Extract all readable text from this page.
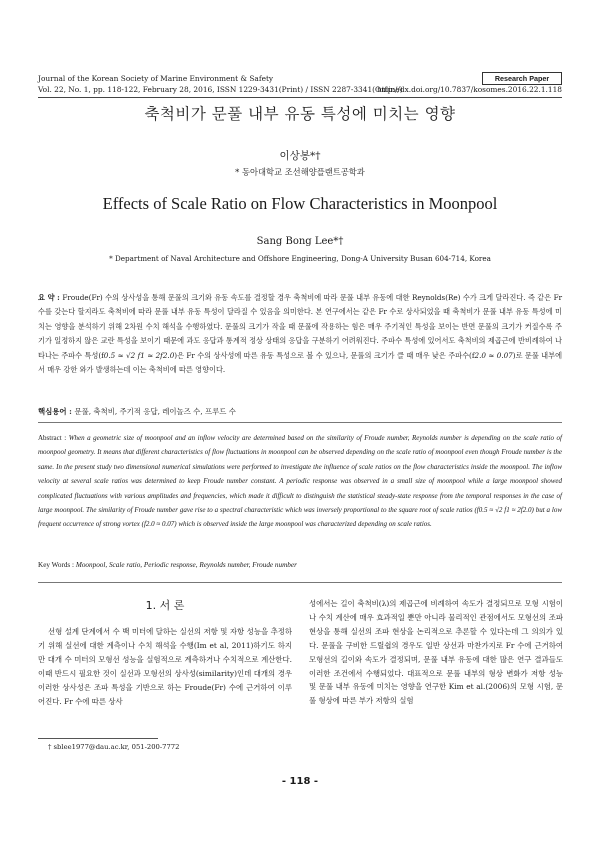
Journal of the Korean Society of Marine Environment & Safety	Research Paper
Vol. 22, No. 1, pp. 118-122, February 28, 2016, ISSN 1229-3431(Print) / ISSN 2287-3341(Online)
http://dx.doi.org/10.7837/kosomes.2016.22.1.118
축척비가 문풀 내부 유동 특성에 미치는 영향
이상봉*†
* 동아대학교 조선해양플랜트공학과
Effects of Scale Ratio on Flow Characteristics in Moonpool
Sang Bong Lee*†
* Department of Naval Architecture and Offshore Engineering, Dong-A University Busan 604-714, Korea
요 약 : Froude(Fr) 수의 상사성을 통해 문풀의 크기와 유동 속도를 결정할 경우 축척비에 따라 문풀 내부 유동에 대한 Reynolds(Re) 수가 크게 달라진다. 즉 같은 Fr 수를 갖는다 할지라도 축척비에 따라 문풀 내부 유동 특성이 달라질 수 있음을 의미한다. 본 연구에서는 같은 Fr 수로 상사되었을 때 축척비가 문풀 내부 유동 특성에 미치는 영향을 분석하기 위해 2차원 수치 해석을 수행하였다. 문풀의 크기가 작을 때 문풀에 작용하는 힘은 매우 주기적인 특성을 보이는 반면 문풀의 크기가 커질수록 주기가 일정하지 않은 교란 특성을 보이기 때문에 과도 응답과 통계적 정상 상태의 응답을 구분하기 어려워진다. 주파수 특성에 있어서도 축척비의 제곱근에 반비례하여 나타나는 주파수 특성(f0.5 ≈ √2 f1 ≈ 2f2.0)은 Fr 수의 상사성에 따른 유동 특성으로 볼 수 있으나, 문풀의 크기가 클 때 매우 낮은 주파수(f2.0 ≈ 0.07)로 문풀 내부에서 매우 강한 와가 발생하는데 이는 축척비에 따른 영향이다.
핵심용어 : 문풀, 축척비, 주기적 응답, 레이놀즈 수, 프루드 수
Abstract : When a geometric size of moonpool and an inflow velocity are determined based on the similarity of Froude number, Reynolds number is depending on the scale ratio of moonpool geometry. It means that different characteristics of flow fluctuations in moonpool can be observed depending on the scale ratio of moonpool even though Froude number is the same. In the present study two dimensional numerical simulations were performed to investigate the influence of scale ratios on the flow characteristics inside the moonpool. The inflow velocity at several scale ratios was determined to keep Froude number constant. A periodic response was observed in a small size of moonpool while a large moonpool showed complicated fluctuations with various amplitudes and frequencies, which made it difficult to distinguish the statistical steady-state response from the temporal responses in the case of large moonpool. The similarity of Froude number gave rise to a spectral characteristic which was inversely proportional to the square root of scale ratios (f0.5 ≈ √2 f1 ≈ 2f2.0) but a low frequent occurrence of strong vortex (f2.0 ≈ 0.07) which is observed inside the large moonpool was characterized depending on scale ratios.
Key Words : Moonpool, Scale ratio, Periodic response, Reynolds number, Froude number
1. 서 론
선형 설계 단계에서 수 백 미터에 달하는 실선의 저항 및 자항 성능을 추정하기 위해 실선에 대한 계측이나 수치 해석을 수행(Im et al, 2011)하기도 하지만 대개 수 미터의 모형선 성능을 실험적으로 계측하거나 수치적으로 계산한다. 이때 반드시 필요한 것이 실선과 모형선의 상사성(similarity)인데 대개의 경우 이러한 상사성은 조파 특성을 기반으로 하는 Froude(Fr) 수에 근거하여 이루어진다. Fr 수에 따른 상사
성에서는 길이 축척비(λ)의 제곱근에 비례하여 속도가 결정되므로 모형 시험이나 수치 계산에 매우 효과적일 뿐만 아니라 물리적인 관점에서도 모형선의 조파 현상을 통해 실선의 조파 현상을 논리적으로 추론할 수 있다는데 그 의의가 있다. 문풀을 구비한 드릴쉽의 경우도 일반 상선과 마찬가지로 Fr 수에 근거하여 모형선의 길이와 속도가 결정되며, 문풀 내부 유동에 대한 많은 연구 결과들도 이러한 조건에서 수행되었다. 대표적으로 문풀 내부의 형상 변화가 저항 성능 및 문풀 내부 유동에 미치는 영향을 연구한 Kim et al.(2006)의 모형 시험, 문풀 형상에 따른 부가 저항의 실험
† sblee1977@dau.ac.kr, 051-200-7772
- 118 -
